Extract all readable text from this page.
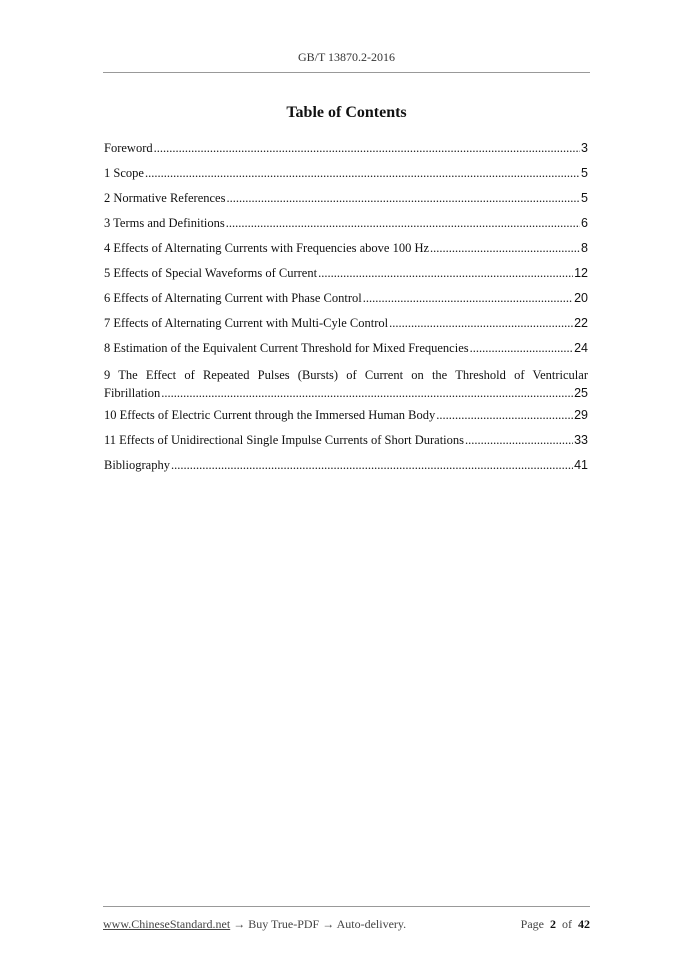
GB/T 13870.2-2016
Table of Contents
Foreword .....	3
1 Scope .....	5
2 Normative References .....	5
3 Terms and Definitions .....	6
4 Effects of Alternating Currents with Frequencies above 100 Hz .....	8
5 Effects of Special Waveforms of Current .....	12
6 Effects of Alternating Current with Phase Control .....	20
7 Effects of Alternating Current with Multi-Cyle Control .....	22
8 Estimation of the Equivalent Current Threshold for Mixed Frequencies .....	24
9 The Effect of Repeated Pulses (Bursts) of Current on the Threshold of Ventricular
Fibrillation .....	25
10 Effects of Electric Current through the Immersed Human Body .....	29
11 Effects of Unidirectional Single Impulse Currents of Short Durations .....	33
Bibliography .....	41
www.ChineseStandard.net → Buy True-PDF → Auto-delivery.	Page 2 of 42
